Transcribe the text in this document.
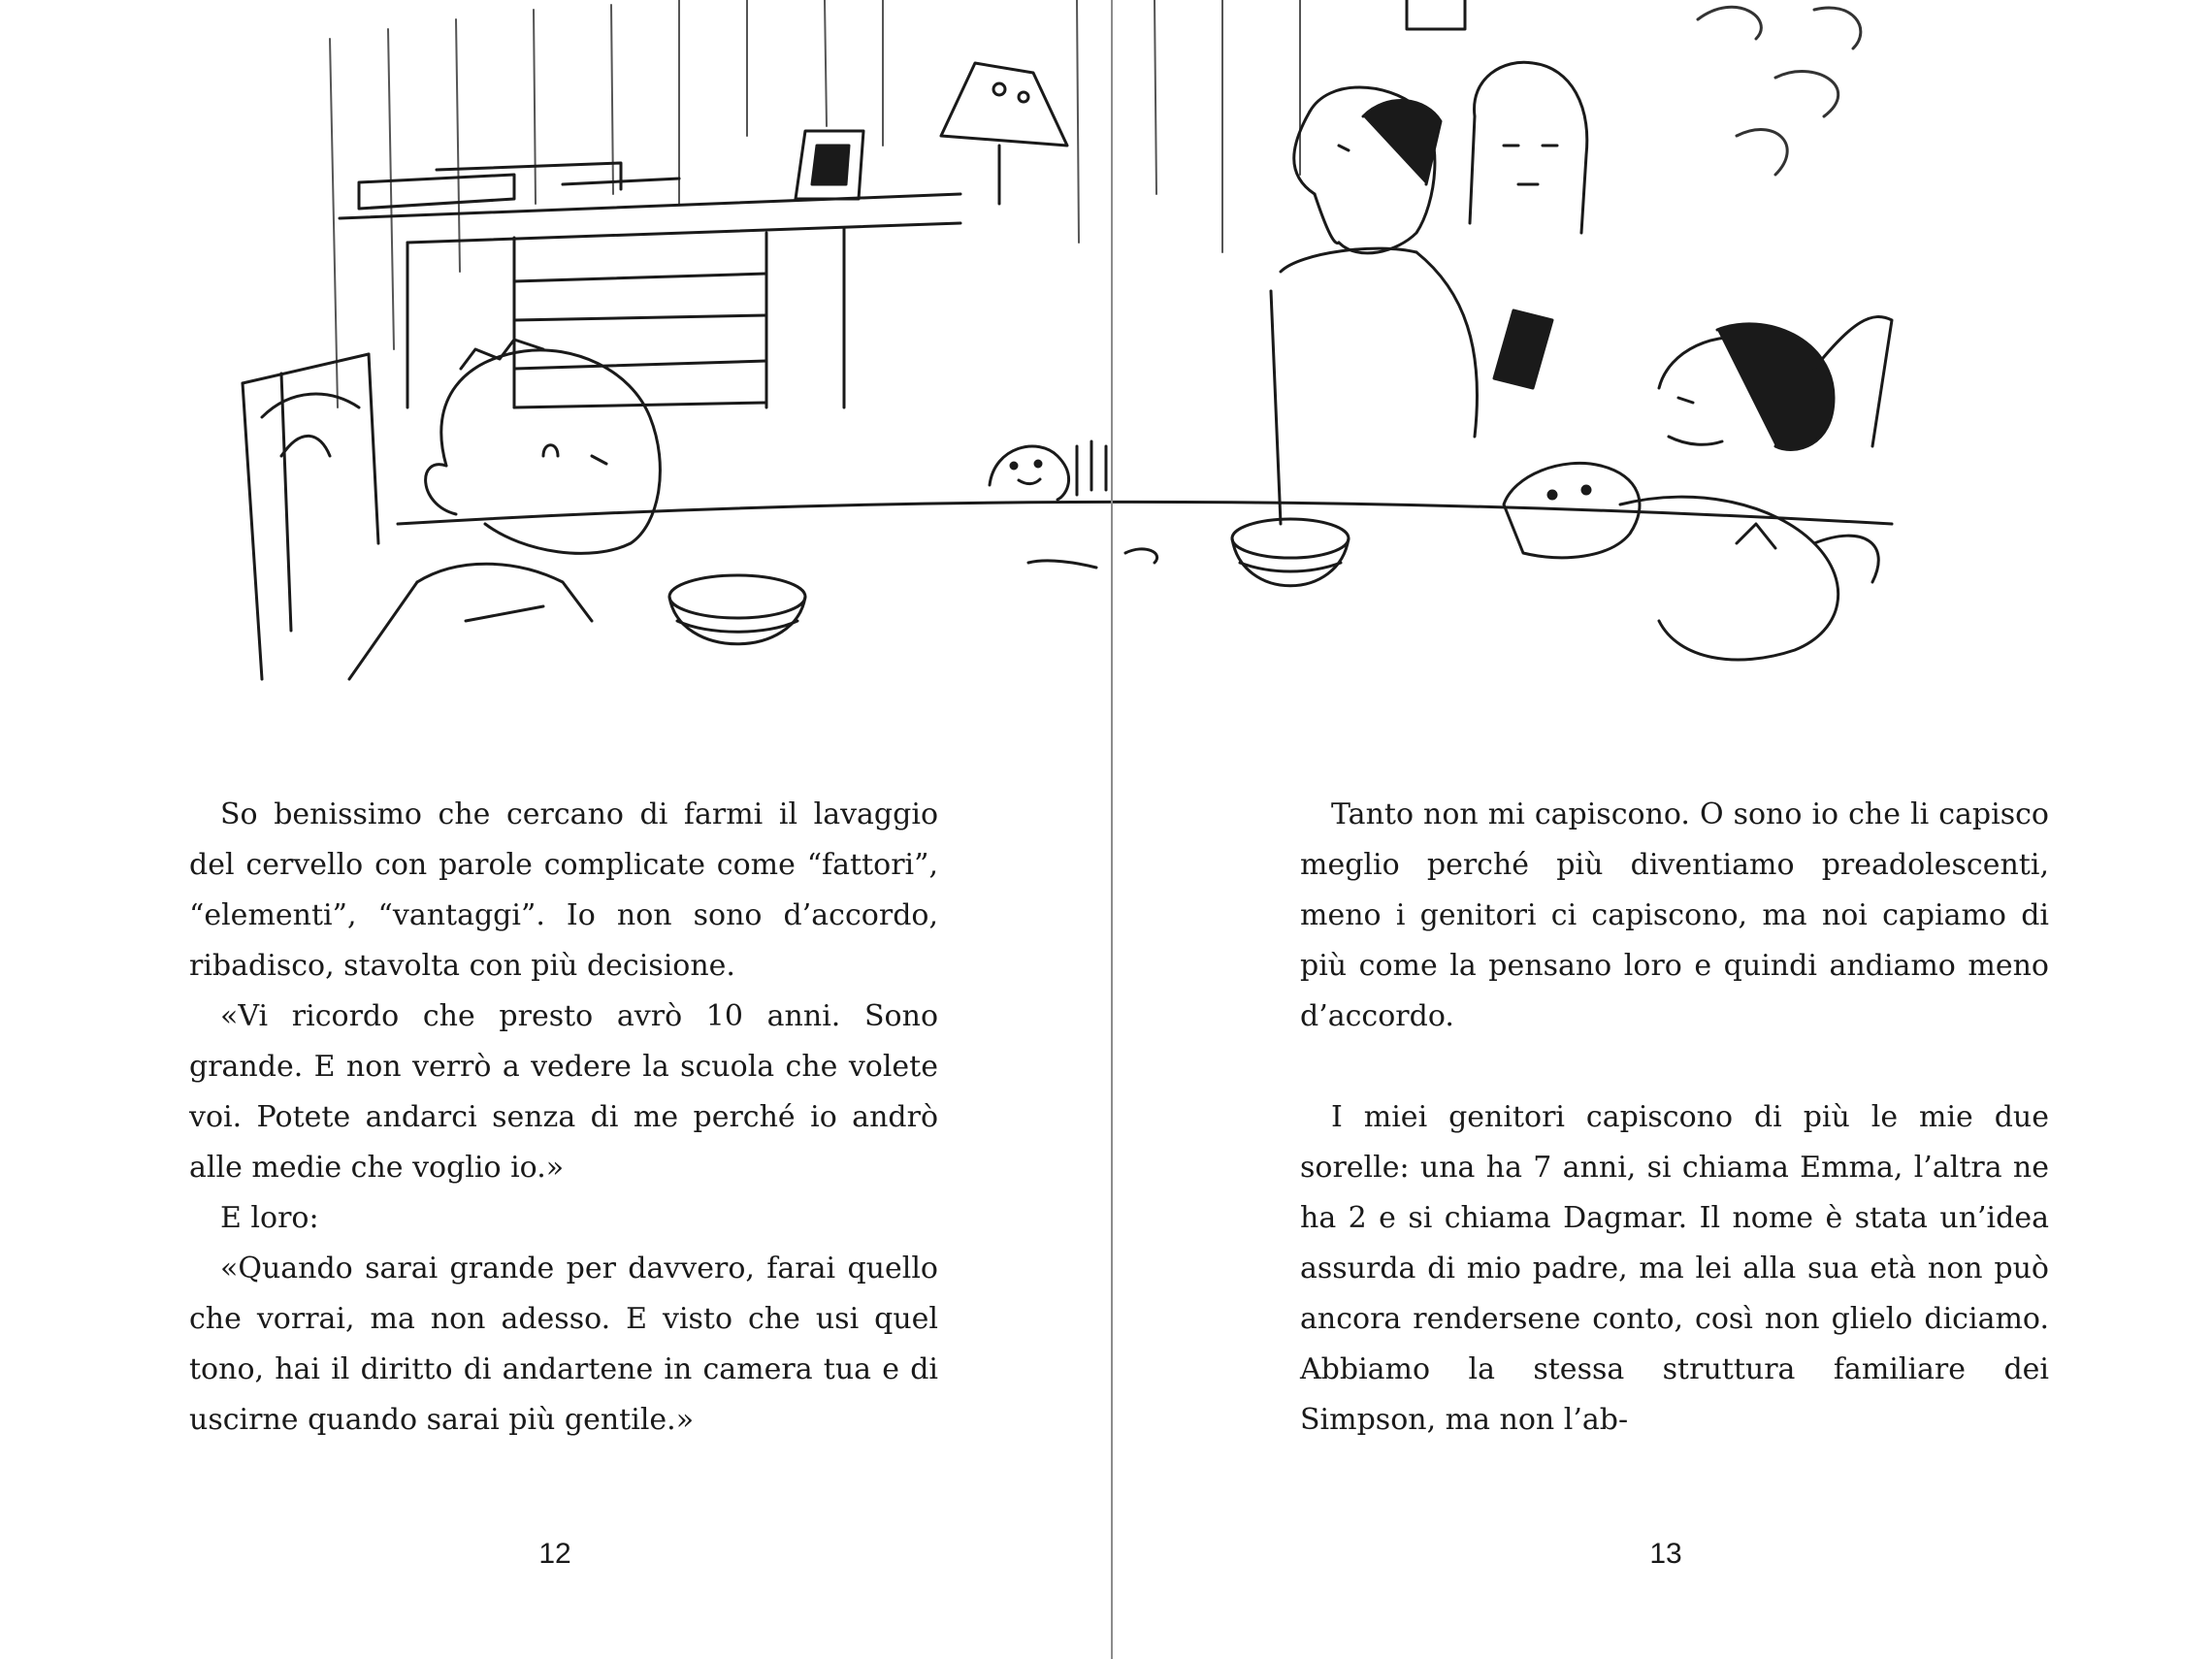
So benissimo che cercano di farmi il lavaggio del cervello con parole complicate come “fattori”, “elementi”, “vantaggi”. Io non sono d’accordo, ribadisco, stavolta con più decisione.

«Vi ricordo che presto avrò 10 anni. Sono grande. E non verrò a vedere la scuola che volete voi. Potete andarci senza di me perché io andrò alle medie che voglio io.»

E loro:

«Quando sarai grande per davvero, farai quello che vorrai, ma non adesso. E visto che usi quel tono, hai il diritto di andartene in camera tua e di uscirne quando sarai più gentile.»

Tanto non mi capiscono. O sono io che li capisco meglio perché più diventiamo preadolescenti, meno i genitori ci capiscono, ma noi capiamo di più come la pensano loro e quindi andiamo meno d’accordo.

I miei genitori capiscono di più le mie due sorelle: una ha 7 anni, si chiama Emma, l’altra ne ha 2 e si chiama Dagmar. Il nome è stata un’idea assurda di mio padre, ma lei alla sua età non può ancora rendersene conto, così non glielo diciamo. Abbiamo la stessa struttura familiare dei Simpson, ma non l’ab-

12	13
